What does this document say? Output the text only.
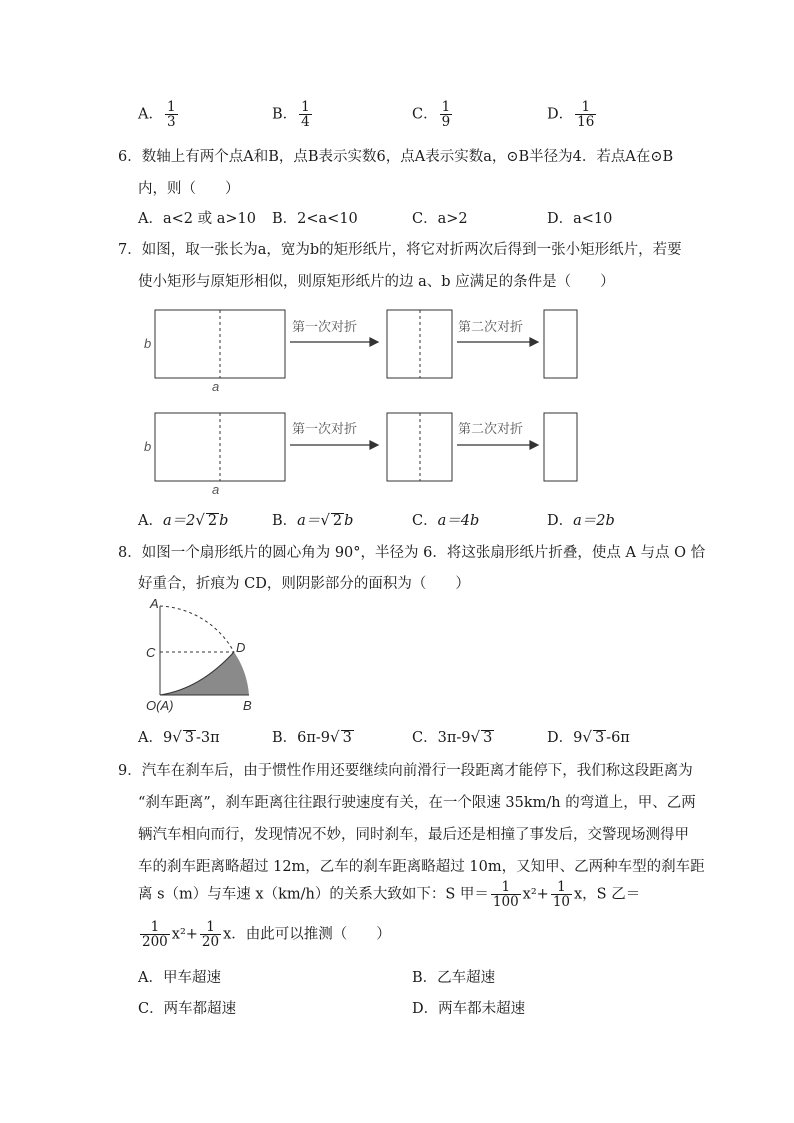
A． $\frac{1}{3}$	B． $\frac{1}{4}$	C． $\frac{1}{9}$	D． $\frac{1}{16}$
6．数轴上有两个点A和B，点B表示实数6，点A表示实数a，⊙B半径为4．若点A在⊙B
内，则（　　）
A．a<2 或 a>10 B．2<a<10	C．a>2	D．a<10
7．如图，取一张长为a，宽为b的矩形纸片，将它对折两次后得到一张小矩形纸片，若要
使小矩形与原矩形相似，则原矩形纸片的边 a、b 应满足的条件是（　　）
b
a
第一次对折	第二次对折
b
a
第一次对折	第二次对折
A．a＝2√ 2 b	B．a＝√ 2 b	C．a＝4b	D．a＝2b
8．如图一个扇形纸片的圆心角为 90°，半径为 6．将这张扇形纸片折叠，使点 A 与点 O 恰
好重合，折痕为 CD，则阴影部分的面积为（　　）
A
C	D
O(A)	B
A．9√ 3 -3π	B．6π-9√ 3	C．3π-9√ 3	D．9√ 3 -6π
9．汽车在刹车后，由于惯性作用还要继续向前滑行一段距离才能停下，我们称这段距离为
“刹车距离”，刹车距离往往跟行驶速度有关，在一个限速 35km/h 的弯道上，甲、乙两
辆汽车相向而行，发现情况不妙，同时刹车，最后还是相撞了事发后，交警现场测得甲
车的刹车距离略超过 12m，乙车的刹车距离略超过 10m，又知甲、乙两种车型的刹车距
离 s（m）与车速 x（km/h）的关系大致如下：S 甲＝ $\frac{1}{100} x^2+ \frac{1}{10}$ x，S 乙＝
$\frac{1}{200} x^2+ \frac{1}{20}$ x．由此可以推测（　　）
A．甲车超速	B．乙车超速
C．两车都超速	D．两车都未超速
